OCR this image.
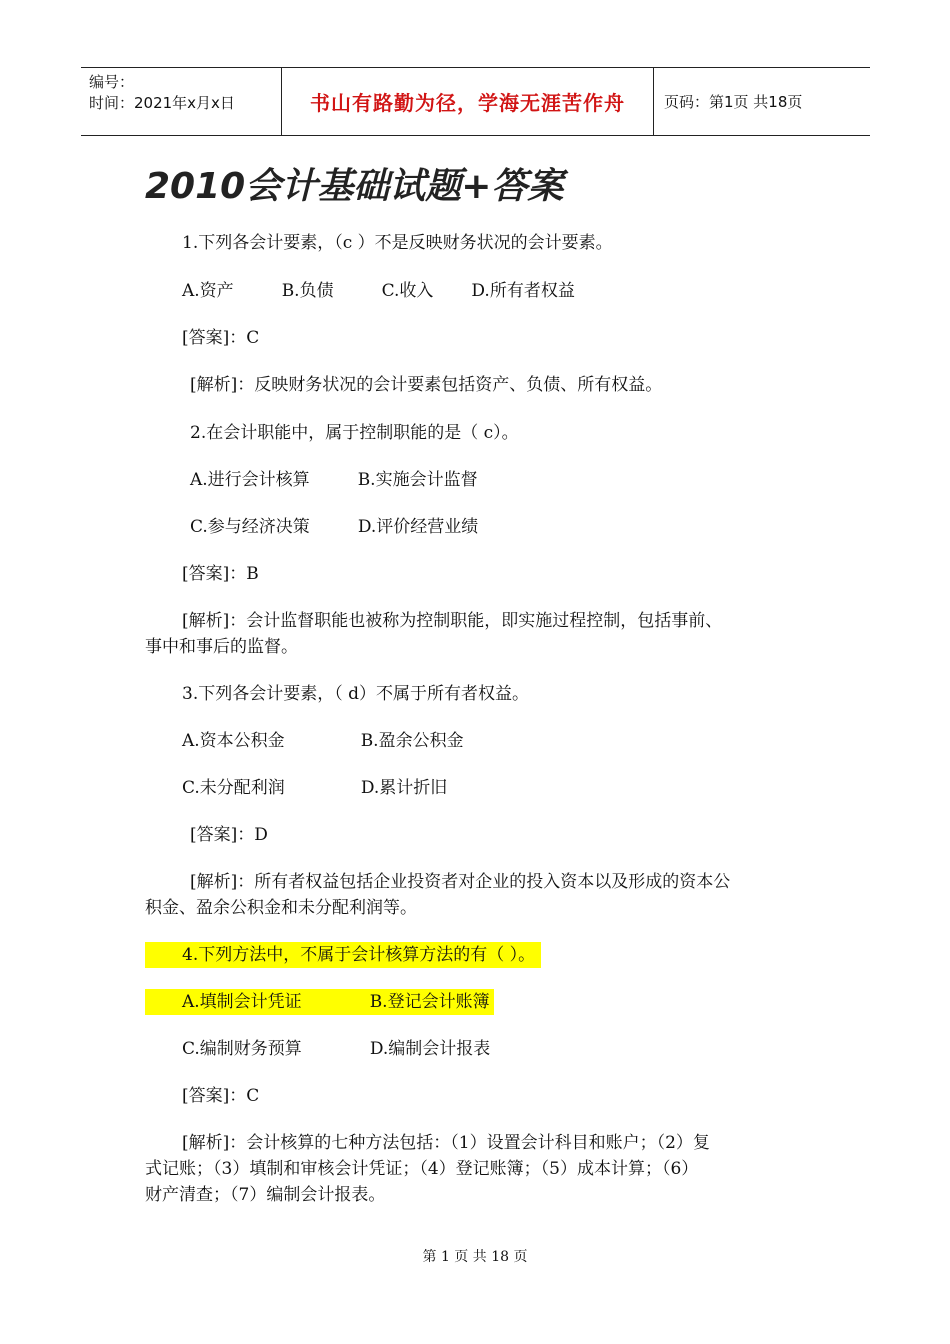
编号：
时间：2021年x月x日	书山有路勤为径，学海无涯苦作舟	页码：第1页 共18页
2010会计基础试题+答案

1.下列各会计要素，（c ）不是反映财务状况的会计要素。

A.资产	B.负债	C.收入 D.所有者权益

[答案]：C

[解析]：反映财务状况的会计要素包括资产、负债、所有权益。

2.在会计职能中，属于控制职能的是（ c）。

A.进行会计核算	B.实施会计监督

C.参与经济决策	D.评价经营业绩

[答案]：B

[解析]：会计监督职能也被称为控制职能，即实施过程控制，包括事前、

事中和事后的监督。

3.下列各会计要素，（ d）不属于所有者权益。

A.资本公积金	B.盈余公积金

C.未分配利润	D.累计折旧

[答案]：D

[解析]：所有者权益包括企业投资者对企业的投入资本以及形成的资本公

积金、盈余公积金和未分配利润等。

4.下列方法中，不属于会计核算方法的有（ ）。

A.填制会计凭证	B.登记会计账簿

C.编制财务预算	D.编制会计报表

[答案]：C

[解析]：会计核算的七种方法包括：（1）设置会计科目和账户；（2）复

式记账；（3）填制和审核会计凭证；（4）登记账簿；（5）成本计算；（6）

财产清查；（7）编制会计报表。

第 1 页 共 18 页
